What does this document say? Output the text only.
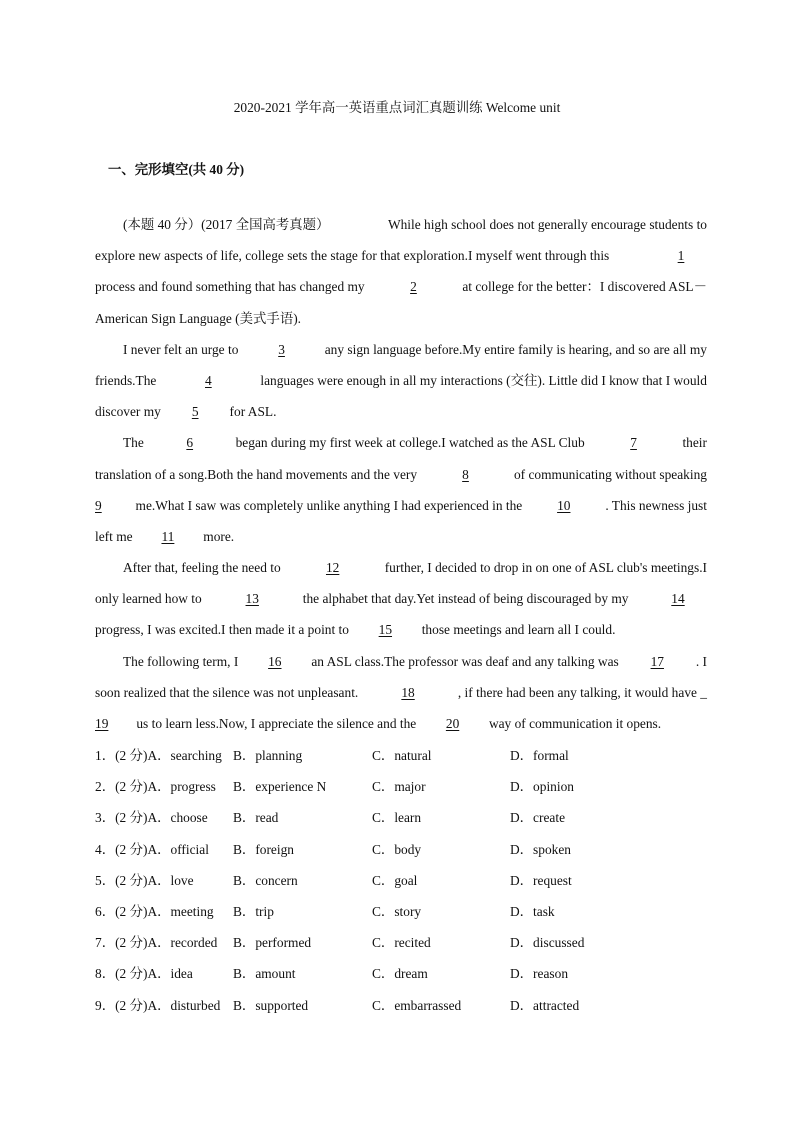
2020-2021 学年高一英语重点词汇真题训练 Welcome unit
一、完形填空(共 40 分)
(本题 40 分）(2017 全国高考真题）	While high school does not generally encourage students to
explore new aspects of life, college sets the stage for that exploration.I myself went through this	1
process and found something that has changed my	2	at college for the better：I discovered ASL－
American Sign Language (美式手语).
I never felt an urge to	3	any sign language before.My entire family is hearing, and so are all my
friends.The	4	languages were enough in all my interactions (交往). Little did I know that I would
discover my 5 for ASL.
The	6	began during my first week at college.I watched as the ASL Club	7	their
translation of a song.Both the hand movements and the very	8	of communicating without speaking
9	me.What I saw was completely unlike anything I had experienced in the	10	. This newness just
left me 11 more.
After that, feeling the need to	12	further, I decided to drop in on one of ASL club's meetings.I
only learned how to	13	the alphabet that day.Yet instead of being discouraged by my	14
progress, I was excited.I then made it a point to 15 those meetings and learn all I could.
The following term, I	16	an ASL class.The professor was deaf and any talking was	17	. I
soon realized that the silence was not unpleasant.	18	, if there had been any talking, it would have _
19 us to learn less.Now, I appreciate the silence and the 20 way of communication it opens.
1．(2 分)A．searching B．planning	C．natural	D．formal
2．(2 分)A．progress B．experience N	C．major	D．opinion
3．(2 分)A．choose B．read	C．learn	D．create
4．(2 分)A．official B．foreign	C．body	D．spoken
5．(2 分)A．love	B．concern	C．goal	D．request
6．(2 分)A．meeting B．trip	C．story	D．task
7．(2 分)A．recorded B．performed	C．recited	D．discussed
8．(2 分)A．idea	B．amount	C．dream	D．reason
9．(2 分)A．disturbed B．supported	C．embarrassed	D．attracted
